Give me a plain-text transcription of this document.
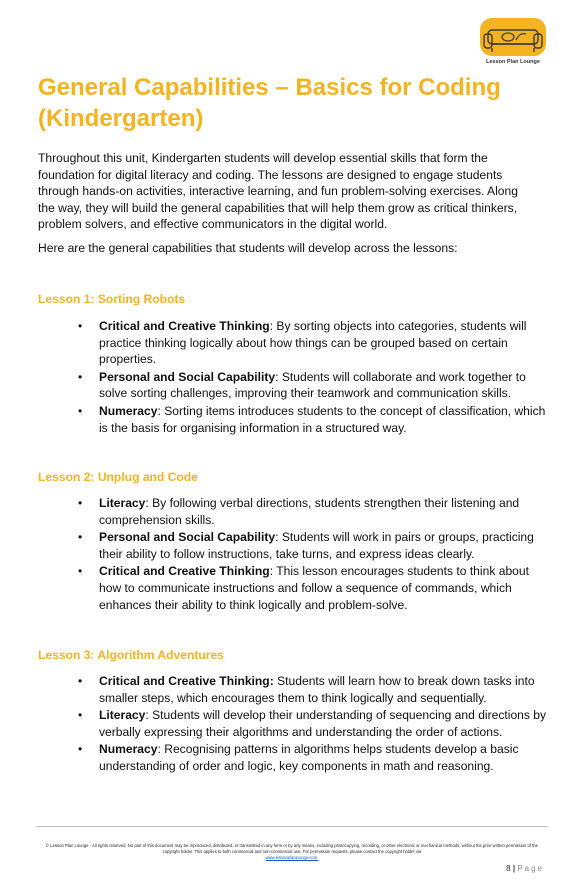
Lesson Plan Lounge
General Capabilities – Basics for Coding (Kindergarten)

Throughout this unit, Kindergarten students will develop essential skills that form the foundation for digital literacy and coding. The lessons are designed to engage students through hands-on activities, interactive learning, and fun problem-solving exercises. Along the way, they will build the general capabilities that will help them grow as critical thinkers, problem solvers, and effective communicators in the digital world.

Here are the general capabilities that students will develop across the lessons:

Lesson 1: Sorting Robots
• Critical and Creative Thinking: By sorting objects into categories, students will practice thinking logically about how things can be grouped based on certain properties.
• Personal and Social Capability: Students will collaborate and work together to solve sorting challenges, improving their teamwork and communication skills.
• Numeracy: Sorting items introduces students to the concept of classification, which is the basis for organising information in a structured way.
Lesson 2: Unplug and Code
• Literacy: By following verbal directions, students strengthen their listening and comprehension skills.
• Personal and Social Capability: Students will work in pairs or groups, practicing their ability to follow instructions, take turns, and express ideas clearly.
• Critical and Creative Thinking: This lesson encourages students to think about how to communicate instructions and follow a sequence of commands, which enhances their ability to think logically and problem-solve.
Lesson 3: Algorithm Adventures
• Critical and Creative Thinking: Students will learn how to break down tasks into smaller steps, which encourages them to think logically and sequentially.
• Literacy: Students will develop their understanding of sequencing and directions by verbally expressing their algorithms and understanding the order of actions.
• Numeracy: Recognising patterns in algorithms helps students develop a basic understanding of order and logic, key components in math and reasoning.

© Lesson Plan Lounge - All rights reserved. No part of this document may be reproduced, distributed, or transmitted in any form or by any means, including photocopying, recording, or other electronic or mechanical methods, without the prior written permission of the copyright holder. This applies to both commercial and non-commercial use. For permission requests, please contact the copyright holder via
www.lessonplanlounge.com.

8 | Page
